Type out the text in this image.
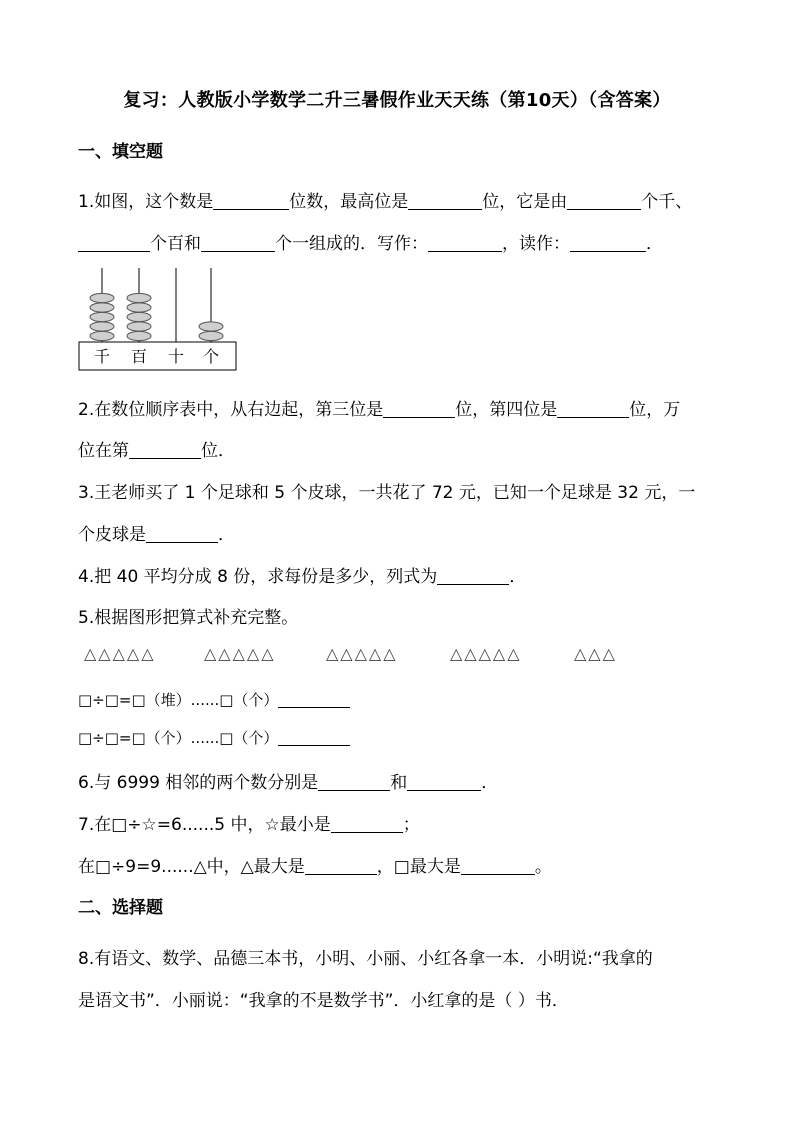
复习：人教版小学数学二升三暑假作业天天练（第10天）（含答案）
一、填空题
1.如图，这个数是	位数，最高位是	位，它是由	个千、
个百和	个一组成的．写作：	，读作：	．
千 百 十 个
2.在数位顺序表中，从右边起，第三位是	位，第四位是	位，万
位在第	位．
3.王老师买了 1 个足球和 5 个皮球，一共花了 72 元，已知一个足球是 32 元，一
个皮球是	．
4.把 40 平均分成 8 份，求每份是多少，列式为	．
5.根据图形把算式补充完整。
△△△△△	△△△△△	△△△△△	△△△△△	△△△
□÷□=□（堆）......□（个）
□÷□=□（个）......□（个）
6.与 6999 相邻的两个数分别是	和	．
7.在□÷☆=6......5 中，☆最小是	；
在□÷9=9......△中，△最大是	，□最大是	。
二、选择题
8.有语文、数学、品德三本书，小明、小丽、小红各拿一本．小明说:“我拿的
是语文书”．小丽说：“我拿的不是数学书”．小红拿的是（ ）书．
